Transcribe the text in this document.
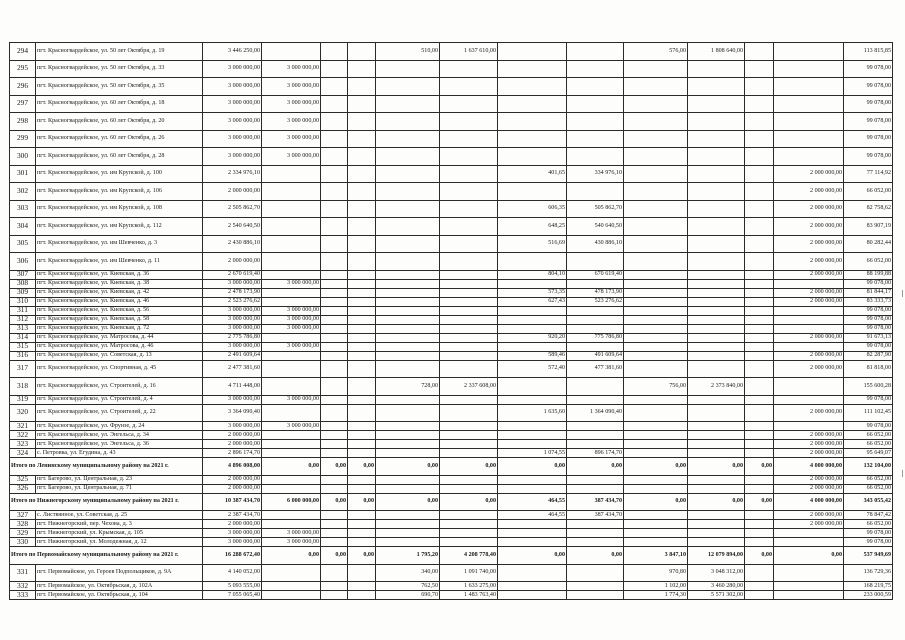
294	пгт. Красногвардейское, ул. 50 лет Октября, д. 19	3 446 250,00				510,00	1 637 610,00			576,00	1 808 640,00			113 815,85
295	пгт. Красногвардейское, ул. 50 лет Октября, д. 33	3 000 000,00	3 000 000,00											99 078,00
296	пгт. Красногвардейское, ул. 50 лет Октября, д. 35	3 000 000,00	3 000 000,00											99 078,00
297	пгт. Красногвардейское, ул. 60 лет Октября, д. 18	3 000 000,00	3 000 000,00											99 078,00
298	пгт. Красногвардейское, ул. 60 лет Октября, д. 20	3 000 000,00	3 000 000,00											99 078,00
299	пгт. Красногвардейское, ул. 60 лет Октября, д. 26	3 000 000,00	3 000 000,00											99 078,00
300	пгт. Красногвардейское, ул. 60 лет Октября, д. 28	3 000 000,00	3 000 000,00											99 078,00
301	пгт. Красногвардейское, ул. им Крупской, д. 100	2 334 976,10						401,65	334 976,10				2 000 000,00	77 114,92
302	пгт. Красногвардейское, ул. им Крупской, д. 106	2 000 000,00											2 000 000,00	66 052,00
303	пгт. Красногвардейское, ул. им Крупской, д. 108	2 505 862,70						606,35	505 862,70				2 000 000,00	82 758,62
304	пгт. Красногвардейское, ул. им Крупской, д. 112	2 540 640,50						648,25	540 640,50				2 000 000,00	83 907,19
305	пгт. Красногвардейское, ул. им Шевченко, д. 3	2 430 886,10						516,69	430 886,10				2 000 000,00	80 282,44
306	пгт. Красногвардейское, ул. им Шевченко, д. 11	2 000 000,00											2 000 000,00	66 052,00
307	пгт. Красногвардейское, ул. Киевская, д. 36	2 670 619,40						804,10	670 619,40				2 000 000,00	88 199,88
308	пгт. Красногвардейское, ул. Киевская, д. 38	3 000 000,00	3 000 000,00											99 078,00
309	пгт. Красногвардейское, ул. Киевская, д. 42	2 478 173,90						573,35	478 173,90				2 000 000,00	81 844,17
310	пгт. Красногвардейское, ул. Киевская, д. 46	2 523 276,62						627,43	523 276,62				2 000 000,00	83 333,73
311	пгт. Красногвардейское, ул. Киевская, д. 56	3 000 000,00	3 000 000,00											99 078,00
312	пгт. Красногвардейское, ул. Киевская, д. 58	3 000 000,00	3 000 000,00											99 078,00
313	пгт. Красногвардейское, ул. Киевская, д. 72	3 000 000,00	3 000 000,00											99 078,00
314	пгт. Красногвардейское, ул. Матросова, д. 44	2 775 786,80						920,20	775 786,80				2 000 000,00	91 673,13
315	пгт. Красногвардейское, ул. Матросова, д. 46	3 000 000,00	3 000 000,00											99 078,00
316	пгт. Красногвардейское, ул. Советская, д. 13	2 491 609,64						589,46	491 609,64				2 000 000,00	82 287,90
317	пгт. Красногвардейское, ул. Спортивная, д. 45	2 477 381,60						572,40	477 381,60				2 000 000,00	81 818,00
318	пгт. Красногвардейское, ул. Строителей, д. 16	4 711 448,00				728,00	2 337 608,00			756,00	2 373 840,00			155 600,28
319	пгт. Красногвардейское, ул. Строителей, д. 4	3 000 000,00	3 000 000,00											99 078,00
320	пгт. Красногвардейское, ул. Строителей, д. 22	3 364 090,40						1 635,60	1 364 090,40				2 000 000,00	111 102,45
321	пгт. Красногвардейское, ул. Фрунзе, д. 24	3 000 000,00	3 000 000,00											99 078,00
322	пгт. Красногвардейское, ул. Энгельса, д. 34	2 000 000,00											2 000 000,00	66 052,00
323	пгт. Красногвардейское, ул. Энгельса, д. 36	2 000 000,00											2 000 000,00	66 052,00
324	с. Петровка, ул. Егудина, д. 43	2 896 174,70						1 074,55	896 174,70				2 000 000,00	95 649,07
Итого по Ленинскому муниципальному району на 2021 г.		4 896 008,00	0,00	0,00	0,00	0,00	0,00	0,00	0,00	0,00	0,00	0,00	4 000 000,00	132 104,00
325	пгт. Багерово, ул. Центральная, д. 23	2 000 000,00											2 000 000,00	66 052,00
326	пгт. Багерово, ул. Центральная, д. 71	2 000 000,00											2 000 000,00	66 052,00
Итого по Нижнегорскому муниципальному району на 2021 г.		10 387 434,70	6 000 000,00	0,00	0,00	0,00	0,00	464,55	387 434,70	0,00	0,00	0,00	4 000 000,00	343 055,42
327	с. Листвянное, ул. Советская, д. 25	2 387 434,70						464,55	387 434,70				2 000 000,00	78 847,42
328	пгт. Нижнегорский, пер. Чехова, д. 3	2 000 000,00											2 000 000,00	66 052,00
329	пгт. Нижнегорский, ул. Крымская, д. 105	3 000 000,00	3 000 000,00											99 078,00
330	пгт. Нижнегорский, ул. Молодежная, д. 12	3 000 000,00	3 000 000,00											99 078,00
Итого по Первомайскому муниципальному району на 2021 г.		16 288 672,40	0,00	0,00	0,00	1 795,20	4 208 778,40	0,00	0,00	3 847,10	12 079 894,00	0,00	0,00	537 949,69
331	пгт. Первомайское, ул. Героев Подпольщиков, д. 9А	4 140 052,00				340,00	1 091 740,00			970,80	3 048 312,00			136 729,36
332	пгт. Первомайское, ул. Октябрьская, д. 102А	5 093 555,00				762,50	1 633 275,00			1 102,00	3 460 280,00			168 219,75
333	пгт. Первомайское, ул. Октябрьская, д. 104	7 055 065,40				690,70	1 483 763,40			1 774,30	5 571 302,00			233 000,59
